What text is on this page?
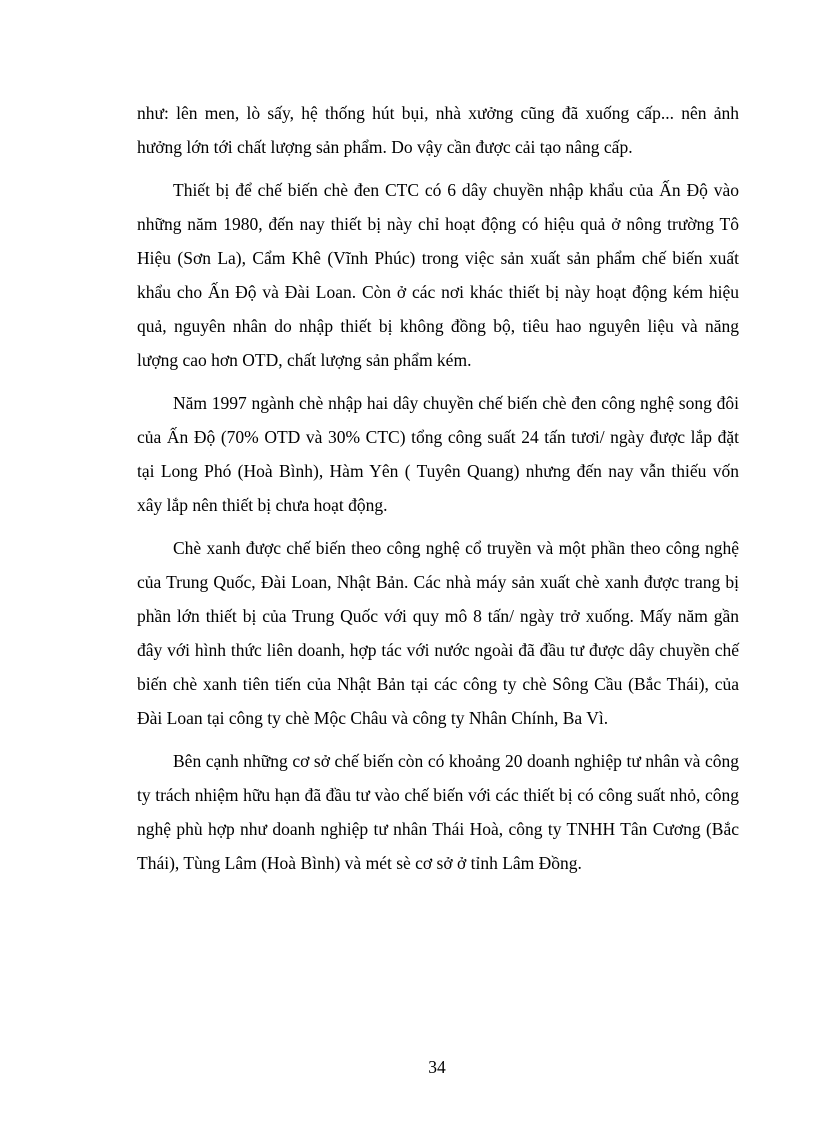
như: lên men, lò sấy, hệ thống hút bụi, nhà xưởng cũng đã xuống cấp... nên ảnh hưởng lớn tới chất lượng sản phẩm. Do vậy cần được cải tạo nâng cấp.

Thiết bị để chế biến chè đen CTC có 6 dây chuyền nhập khẩu của Ấn Độ vào những năm 1980, đến nay thiết bị này chỉ hoạt động có hiệu quả ở nông trường Tô Hiệu (Sơn La), Cẩm Khê (Vĩnh Phúc) trong việc sản xuất sản phẩm chế biến xuất khẩu cho Ấn Độ và Đài Loan. Còn ở các nơi khác thiết bị này hoạt động kém hiệu quả, nguyên nhân do nhập thiết bị không đồng bộ, tiêu hao nguyên liệu và năng lượng cao hơn OTD, chất lượng sản phẩm kém.

Năm 1997 ngành chè nhập hai dây chuyền chế biến chè đen công nghệ song đôi của Ấn Độ (70% OTD và 30% CTC) tổng công suất 24 tấn tươi/ ngày được lắp đặt tại Long Phó (Hoà Bình), Hàm Yên ( Tuyên Quang) nhưng đến nay vẫn thiếu vốn xây lắp nên thiết bị chưa hoạt động.

Chè xanh được chế biến theo công nghệ cổ truyền và một phần theo công nghệ của Trung Quốc, Đài Loan, Nhật Bản. Các nhà máy sản xuất chè xanh được trang bị phần lớn thiết bị của Trung Quốc với quy mô 8 tấn/ ngày trở xuống. Mấy năm gần đây với hình thức liên doanh, hợp tác với nước ngoài đã đầu tư được dây chuyền chế biến chè xanh tiên tiến của Nhật Bản tại các công ty chè Sông Cầu (Bắc Thái), của Đài Loan tại công ty chè Mộc Châu và công ty Nhân Chính, Ba Vì.

Bên cạnh những cơ sở chế biến còn có khoảng 20 doanh nghiệp tư nhân và công ty trách nhiệm hữu hạn đã đầu tư vào chế biến với các thiết bị có công suất nhỏ, công nghệ phù hợp như doanh nghiệp tư nhân Thái Hoà, công ty TNHH Tân Cương (Bắc Thái), Tùng Lâm (Hoà Bình) và mét sè cơ sở ở tỉnh Lâm Đồng.

34
